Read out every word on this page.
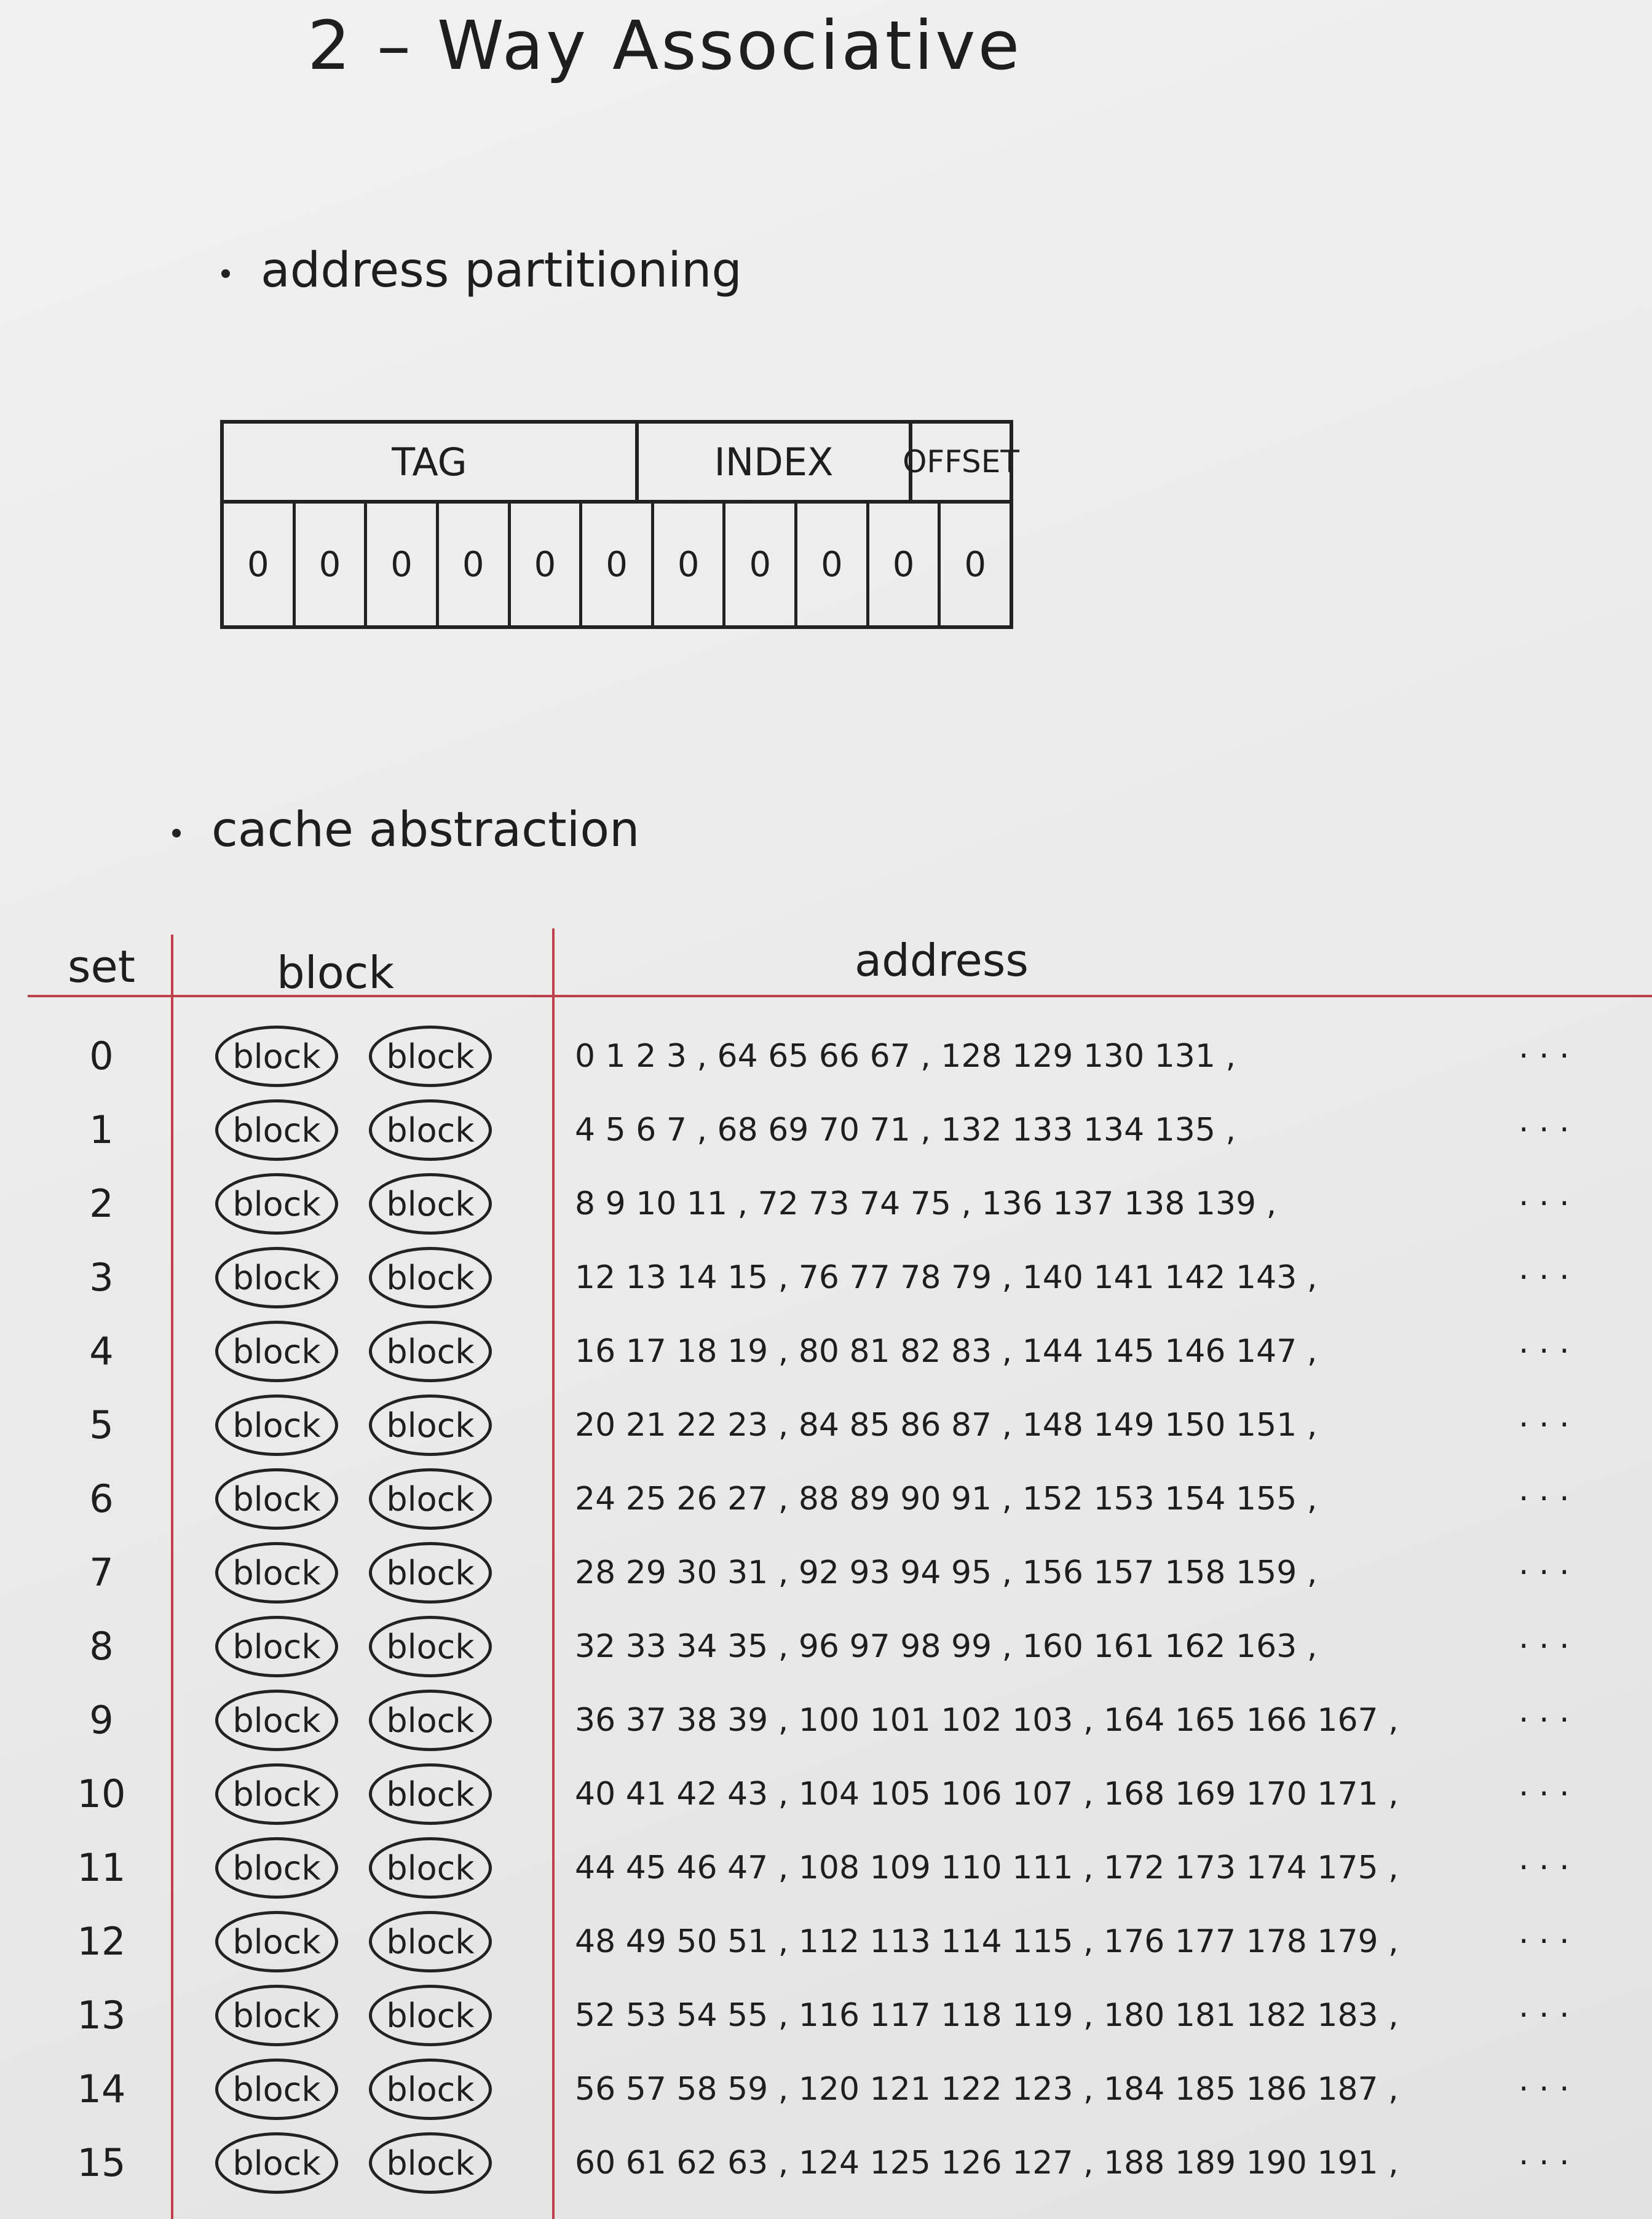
2 – Way Associative
address partitioning
TAG	INDEX	OFFSET
0	0	0	0	0	0	0	0	0	0	0
cache abstraction
set	block	address
0	block	block	0 1 2 3 , 64 65 66 67 , 128 129 130 131 ,	· · ·
1	block	block	4 5 6 7 , 68 69 70 71 , 132 133 134 135 ,	· · ·
2	block	block	8 9 10 11 , 72 73 74 75 , 136 137 138 139 ,	· · ·
3	block	block	12 13 14 15 , 76 77 78 79 , 140 141 142 143 ,	· · ·
4	block	block	16 17 18 19 , 80 81 82 83 , 144 145 146 147 ,	· · ·
5	block	block	20 21 22 23 , 84 85 86 87 , 148 149 150 151 ,	· · ·
6	block	block	24 25 26 27 , 88 89 90 91 , 152 153 154 155 ,	· · ·
7	block	block	28 29 30 31 , 92 93 94 95 , 156 157 158 159 ,	· · ·
8	block	block	32 33 34 35 , 96 97 98 99 , 160 161 162 163 ,	· · ·
9	block	block	36 37 38 39 , 100 101 102 103 , 164 165 166 167 ,	· · ·
10	block	block	40 41 42 43 , 104 105 106 107 , 168 169 170 171 ,	· · ·
11	block	block	44 45 46 47 , 108 109 110 111 , 172 173 174 175 ,	· · ·
12	block	block	48 49 50 51 , 112 113 114 115 , 176 177 178 179 ,	· · ·
13	block	block	52 53 54 55 , 116 117 118 119 , 180 181 182 183 ,	· · ·
14	block	block	56 57 58 59 , 120 121 122 123 , 184 185 186 187 ,	· · ·
15	block	block	60 61 62 63 , 124 125 126 127 , 188 189 190 191 ,	· · ·
